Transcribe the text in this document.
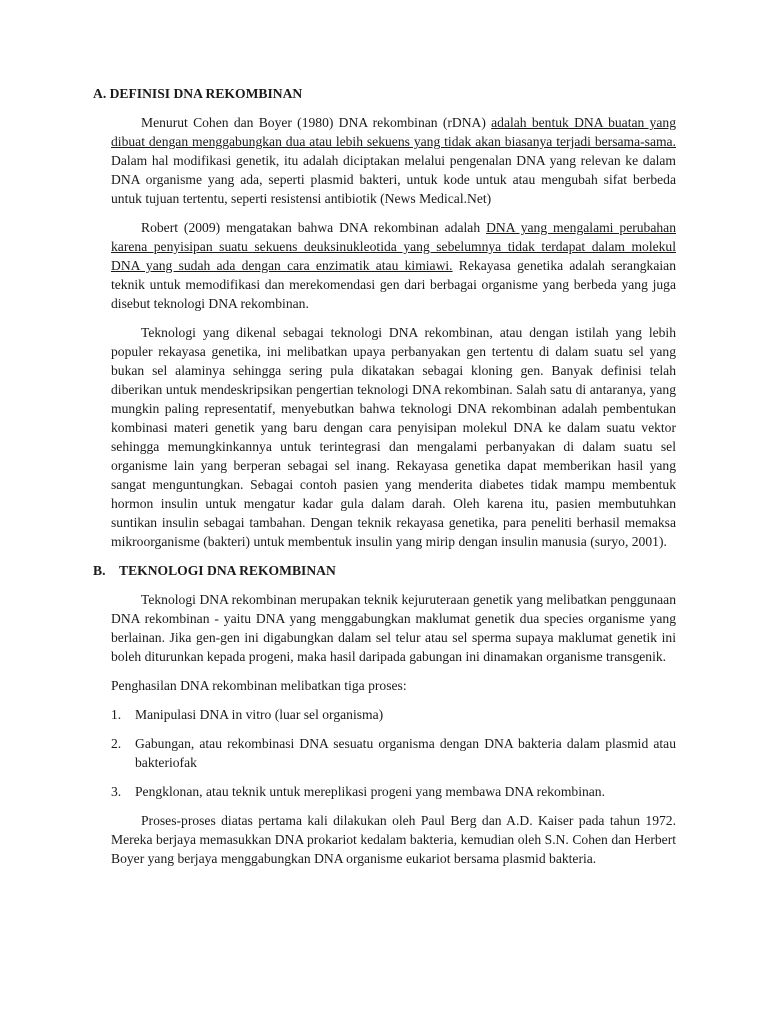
A. DEFINISI DNA REKOMBINAN

Menurut Cohen dan Boyer (1980) DNA rekombinan (rDNA) adalah bentuk DNA buatan yang dibuat dengan menggabungkan dua atau lebih sekuens yang tidak akan biasanya terjadi bersama-sama. Dalam hal modifikasi genetik, itu adalah diciptakan melalui pengenalan DNA yang relevan ke dalam DNA organisme yang ada, seperti plasmid bakteri, untuk kode untuk atau mengubah sifat berbeda untuk tujuan tertentu, seperti resistensi antibiotik (News Medical.Net)

Robert (2009) mengatakan bahwa DNA rekombinan adalah DNA yang mengalami perubahan karena penyisipan suatu sekuens deuksinukleotida yang sebelumnya tidak terdapat dalam molekul DNA yang sudah ada dengan cara enzimatik atau kimiawi. Rekayasa genetika adalah serangkaian teknik untuk memodifikasi dan merekomendasi gen dari berbagai organisme yang berbeda yang juga disebut teknologi DNA rekombinan.

Teknologi yang dikenal sebagai teknologi DNA rekombinan, atau dengan istilah yang lebih populer rekayasa genetika, ini melibatkan upaya perbanyakan gen tertentu di dalam suatu sel yang bukan sel alaminya sehingga sering pula dikatakan sebagai kloning gen. Banyak definisi telah diberikan untuk mendeskripsikan pengertian teknologi DNA rekombinan. Salah satu di antaranya, yang mungkin paling representatif, menyebutkan bahwa teknologi DNA rekombinan adalah pembentukan kombinasi materi genetik yang baru dengan cara penyisipan molekul DNA ke dalam suatu vektor sehingga memungkinkannya untuk terintegrasi dan mengalami perbanyakan di dalam suatu sel organisme lain yang berperan sebagai sel inang. Rekayasa genetika dapat memberikan hasil yang sangat menguntungkan. Sebagai contoh pasien yang menderita diabetes tidak mampu membentuk hormon insulin untuk mengatur kadar gula dalam darah. Oleh karena itu, pasien membutuhkan suntikan insulin sebagai tambahan. Dengan teknik rekayasa genetika, para peneliti berhasil memaksa mikroorganisme (bakteri) untuk membentuk insulin yang mirip dengan insulin manusia (suryo, 2001).

B. TEKNOLOGI DNA REKOMBINAN

Teknologi DNA rekombinan merupakan teknik kejuruteraan genetik yang melibatkan penggunaan DNA rekombinan - yaitu DNA yang menggabungkan maklumat genetik dua species organisme yang berlainan. Jika gen-gen ini digabungkan dalam sel telur atau sel sperma supaya maklumat genetik ini boleh diturunkan kepada progeni, maka hasil daripada gabungan ini dinamakan organisme transgenik.

Penghasilan DNA rekombinan melibatkan tiga proses:

1. Manipulasi DNA in vitro (luar sel organisma)
2. Gabungan, atau rekombinasi DNA sesuatu organisma dengan DNA bakteria dalam plasmid atau bakteriofak
3. Pengklonan, atau teknik untuk mereplikasi progeni yang membawa DNA rekombinan.

Proses-proses diatas pertama kali dilakukan oleh Paul Berg dan A.D. Kaiser pada tahun 1972. Mereka berjaya memasukkan DNA prokariot kedalam bakteria, kemudian oleh S.N. Cohen dan Herbert Boyer yang berjaya menggabungkan DNA organisme eukariot bersama plasmid bakteria.
